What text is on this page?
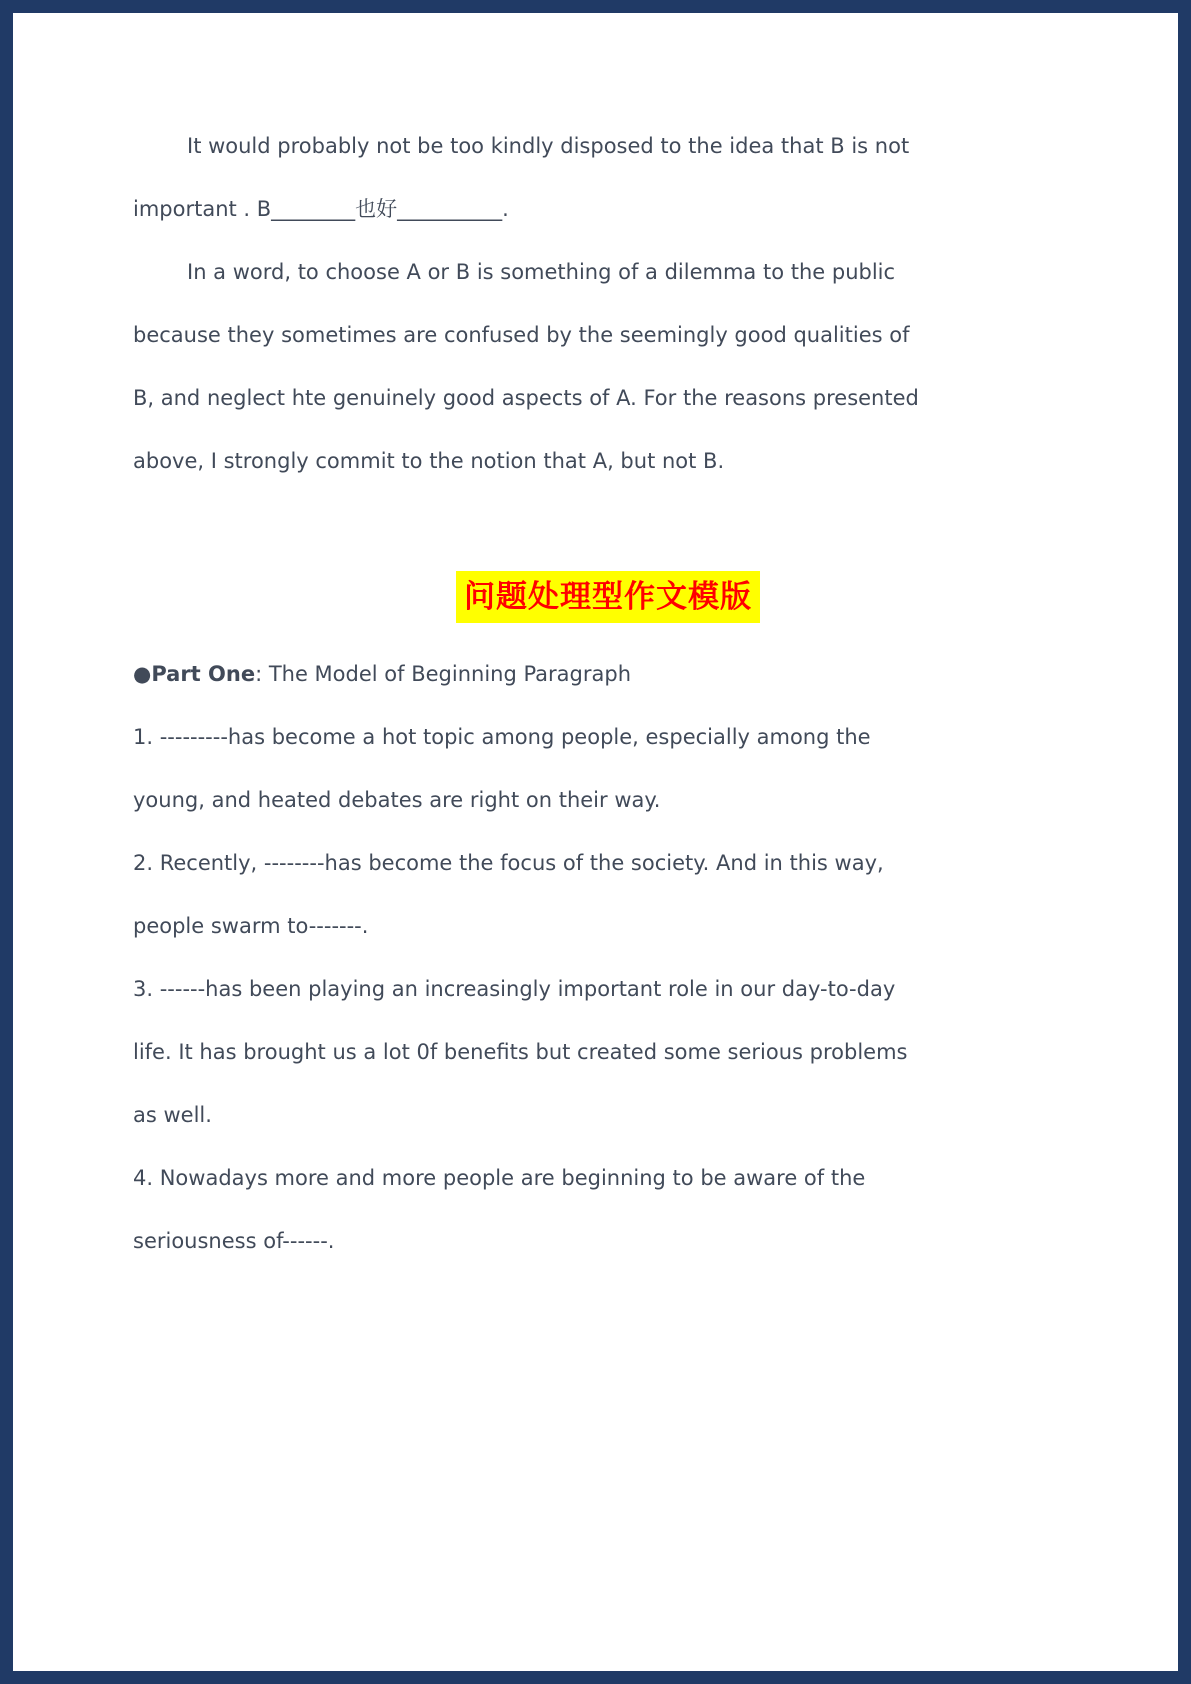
It would probably not be too kindly disposed to the idea that B is not
important . B________也好__________.
In a word, to choose A or B is something of a dilemma to the public
because they sometimes are confused by the seemingly good qualities of
B, and neglect hte genuinely good aspects of A. For the reasons presented
above, I strongly commit to the notion that A, but not B.
问题处理型作文模版
●Part One: The Model of Beginning Paragraph
1. ---------has become a hot topic among people, especially among the
young, and heated debates are right on their way.
2. Recently, --------has become the focus of the society. And in this way,
people swarm to-------.
3. ------has been playing an increasingly important role in our day-to-day
life. It has brought us a lot 0f benefits but created some serious problems
as well.
4. Nowadays more and more people are beginning to be aware of the
seriousness of------.
